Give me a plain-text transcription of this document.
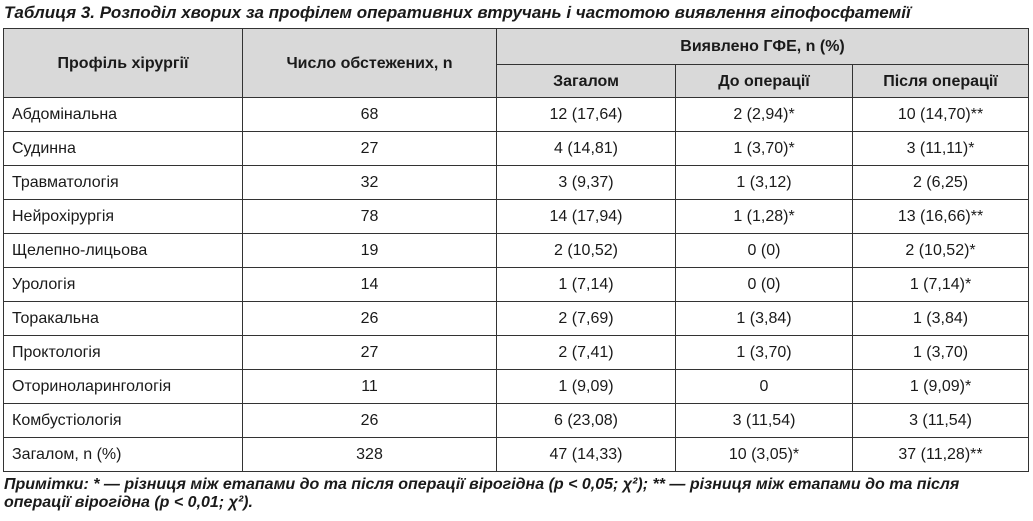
Таблиця 3. Розподіл хворих за профілем оперативних втручань і частотою виявлення гіпофосфатемії
Профіль хірургії	Число обстежених, n	Виявлено ГФЕ, n (%)		
		Загалом	До операції	Після операції
Абдомінальна	68	12 (17,64)	2 (2,94)*	10 (14,70)**
Судинна	27	4 (14,81)	1 (3,70)*	3 (11,11)*
Травматологія	32	3 (9,37)	1 (3,12)	2 (6,25)
Нейрохірургія	78	14 (17,94)	1 (1,28)*	13 (16,66)**
Щелепно-лицьова	19	2 (10,52)	0 (0)	2 (10,52)*
Урологія	14	1 (7,14)	0 (0)	1 (7,14)*
Торакальна	26	2 (7,69)	1 (3,84)	1 (3,84)
Проктологія	27	2 (7,41)	1 (3,70)	1 (3,70)
Оториноларингологія	11	1 (9,09)	0	1 (9,09)*
Комбустіологія	26	6 (23,08)	3 (11,54)	3 (11,54)
Загалом, n (%)	328	47 (14,33)	10 (3,05)*	37 (11,28)**
Примітки: * — різниця між етапами до та після операції вірогідна (p < 0,05; χ²); ** — різниця між етапами до та після операції вірогідна (p < 0,01; χ²).
